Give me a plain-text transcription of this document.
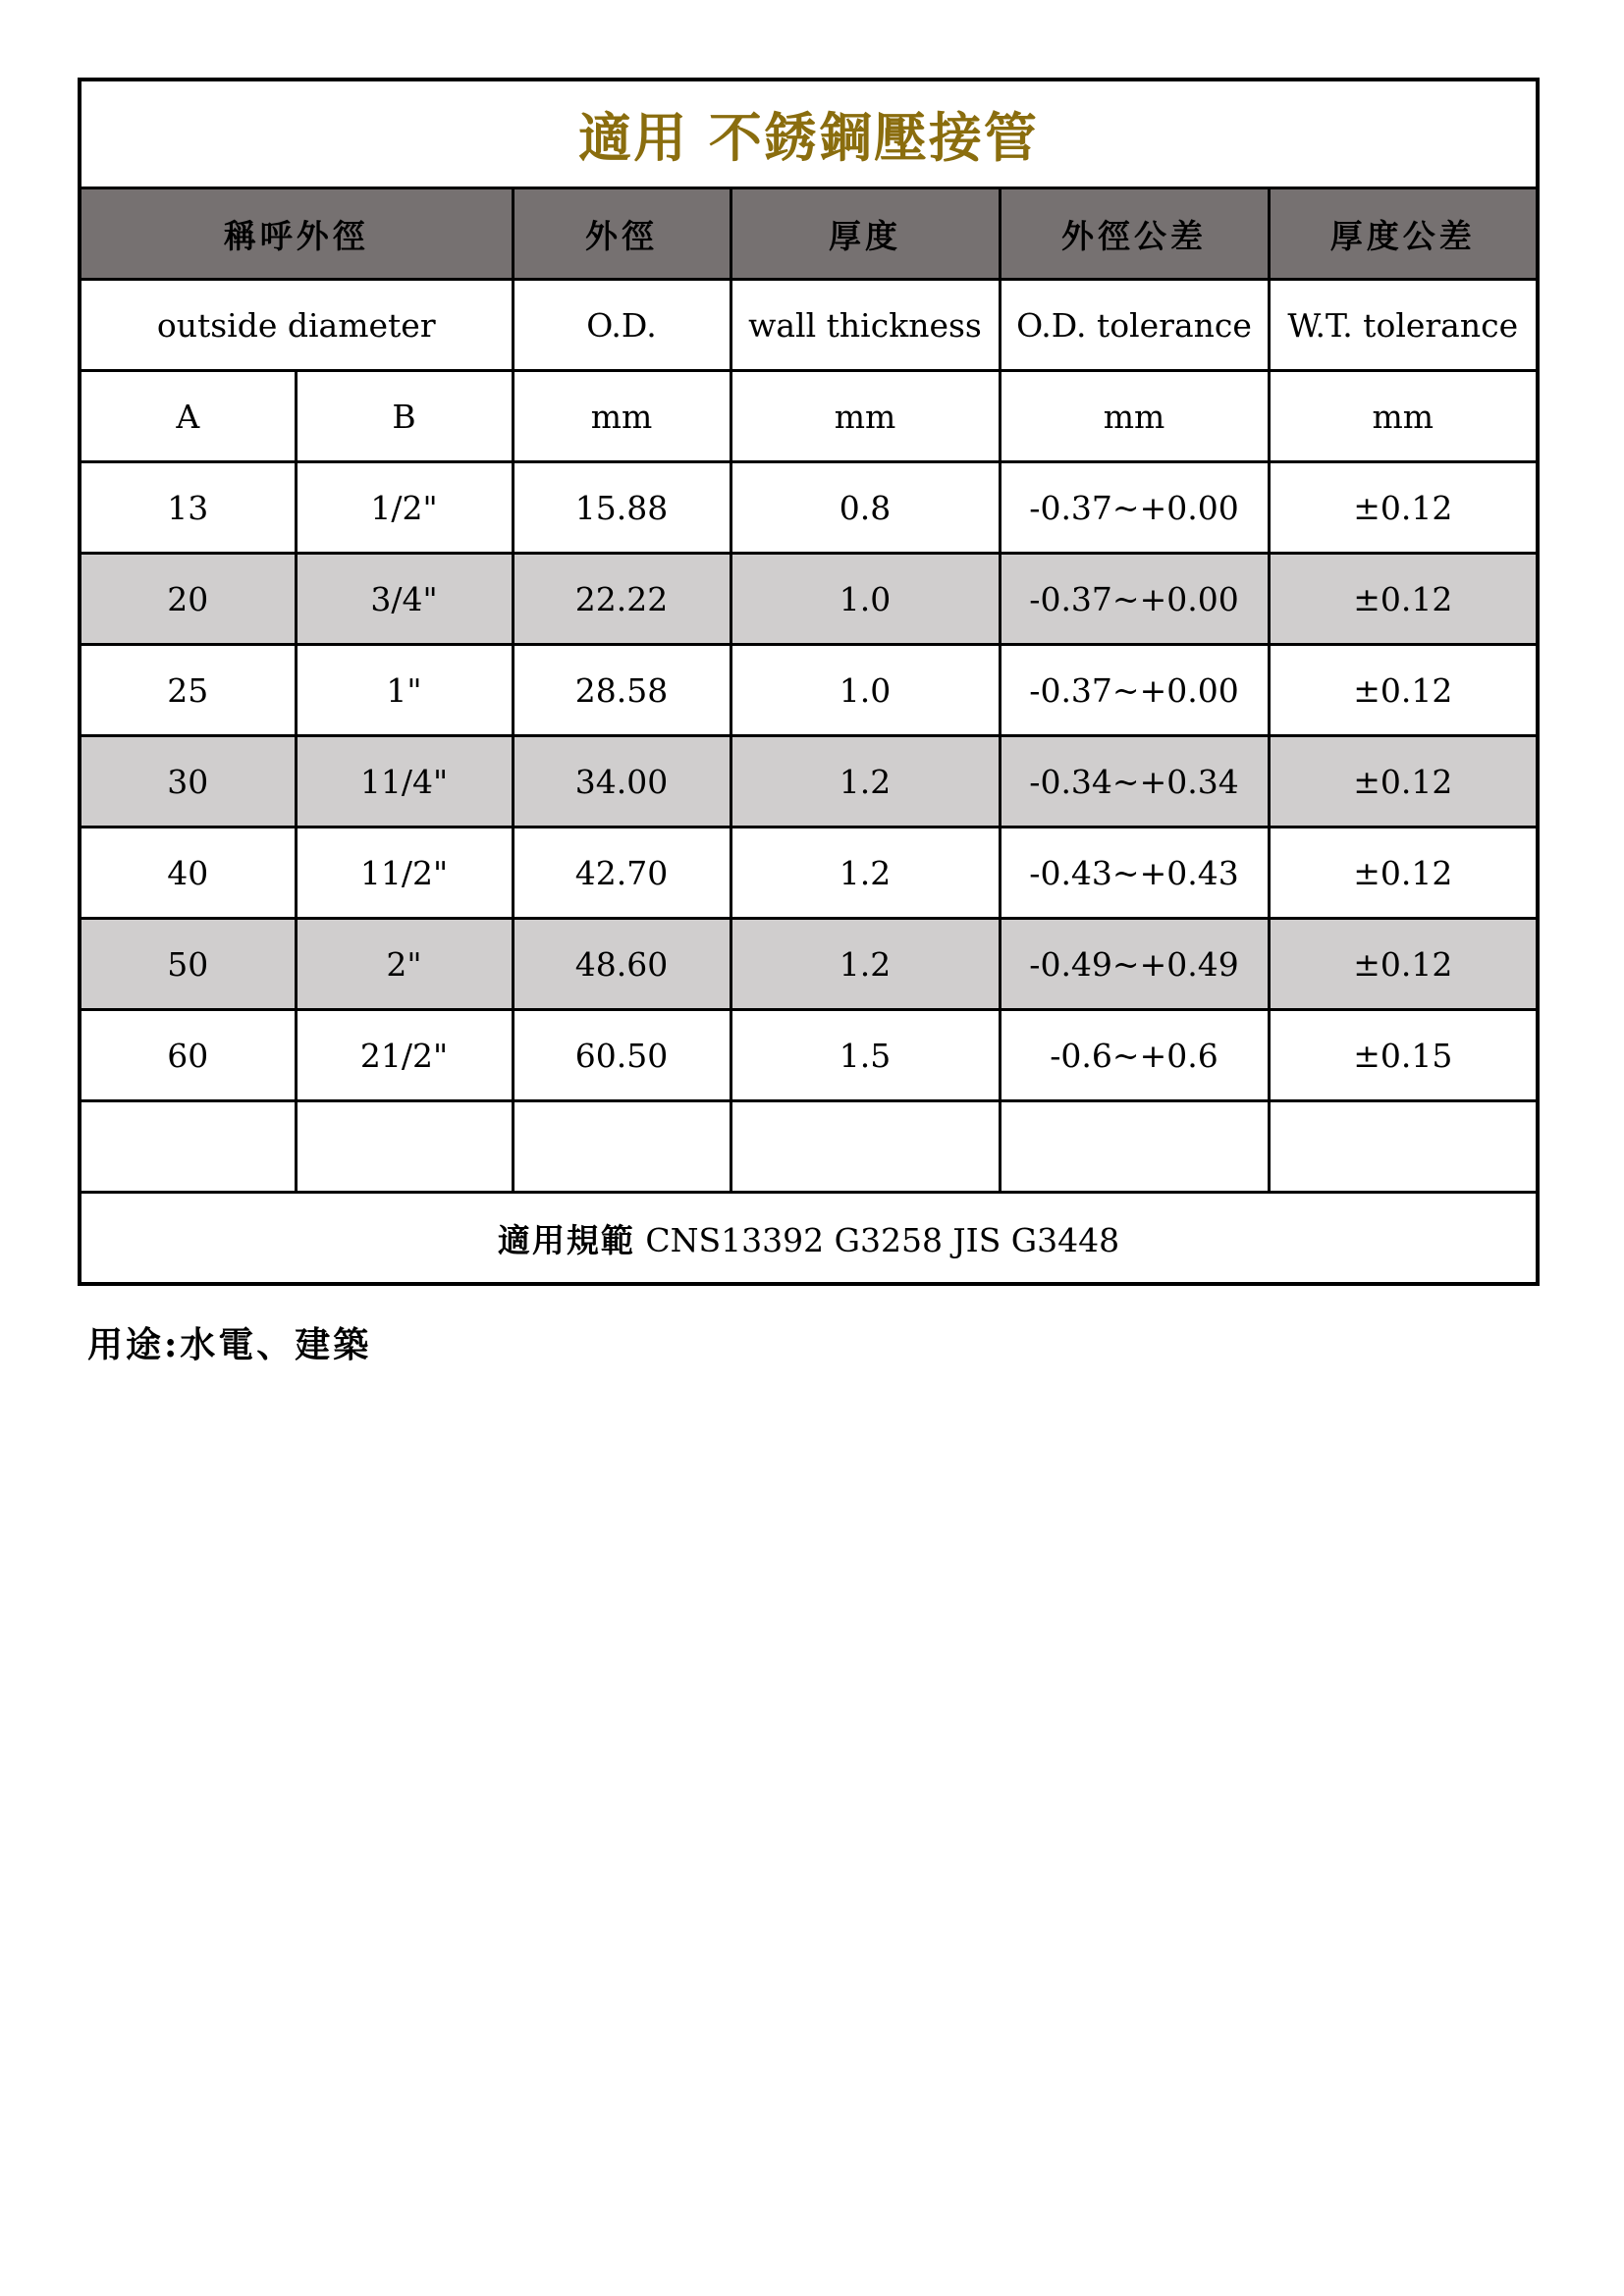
適用 不銹鋼壓接管					
稱呼外徑		外徑	厚度	外徑公差	厚度公差
outside diameter		O.D.	wall thickness	O.D. tolerance	W.T. tolerance
A	B	mm	mm	mm	mm
13	1/2"	15.88	0.8	-0.37~+0.00	±0.12
20	3/4"	22.22	1.0	-0.37~+0.00	±0.12
25	1"	28.58	1.0	-0.37~+0.00	±0.12
30	11/4"	34.00	1.2	-0.34~+0.34	±0.12
40	11/2"	42.70	1.2	-0.43~+0.43	±0.12
50	2"	48.60	1.2	-0.49~+0.49	±0.12
60	21/2"	60.50	1.5	-0.6~+0.6	±0.15

適用規範 CNS13392 G3258 JIS G3448					
用途:水電、建築
